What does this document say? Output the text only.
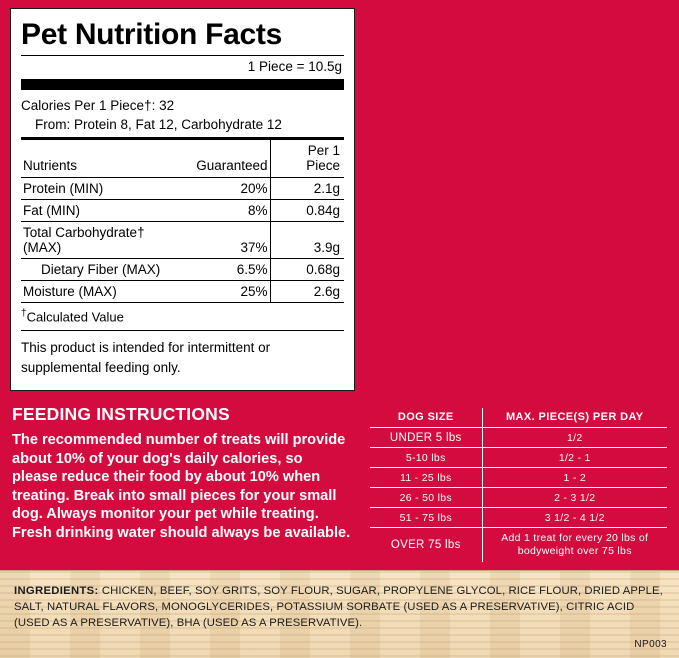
Pet Nutrition Facts
1 Piece = 10.5g
Calories Per 1 Piece†: 32
From: Protein 8, Fat 12, Carbohydrate 12
Nutrients	Guaranteed	Per 1 Piece
Protein (MIN)	20%	2.1g
Fat (MIN)	8%	0.84g
Total Carbohydrate† (MAX)	37%	3.9g
Dietary Fiber (MAX)	6.5%	0.68g
Moisture (MAX)	25%	2.6g
†Calculated Value
This product is intended for intermittent or supplemental feeding only.
FEEDING INSTRUCTIONS

The recommended number of treats will provide about 10% of your dog's daily calories, so please reduce their food by about 10% when treating. Break into small pieces for your small dog. Always monitor your pet while treating. Fresh drinking water should always be available.

DOG SIZE	MAX. PIECE(S) PER DAY
UNDER 5 lbs	1/2
5-10 lbs	1/2 - 1
11 - 25 lbs	1 - 2
26 - 50 lbs	2 - 3 1/2
51 - 75 lbs	3 1/2 - 4 1/2
OVER 75 lbs	Add 1 treat for every 20 lbs of bodyweight over 75 lbs
INGREDIENTS: CHICKEN, BEEF, SOY GRITS, SOY FLOUR, SUGAR, PROPYLENE GLYCOL, RICE FLOUR, DRIED APPLE, SALT, NATURAL FLAVORS, MONOGLYCERIDES, POTASSIUM SORBATE (USED AS A PRESERVATIVE), CITRIC ACID (USED AS A PRESERVATIVE), BHA (USED AS A PRESERVATIVE).
NP003
